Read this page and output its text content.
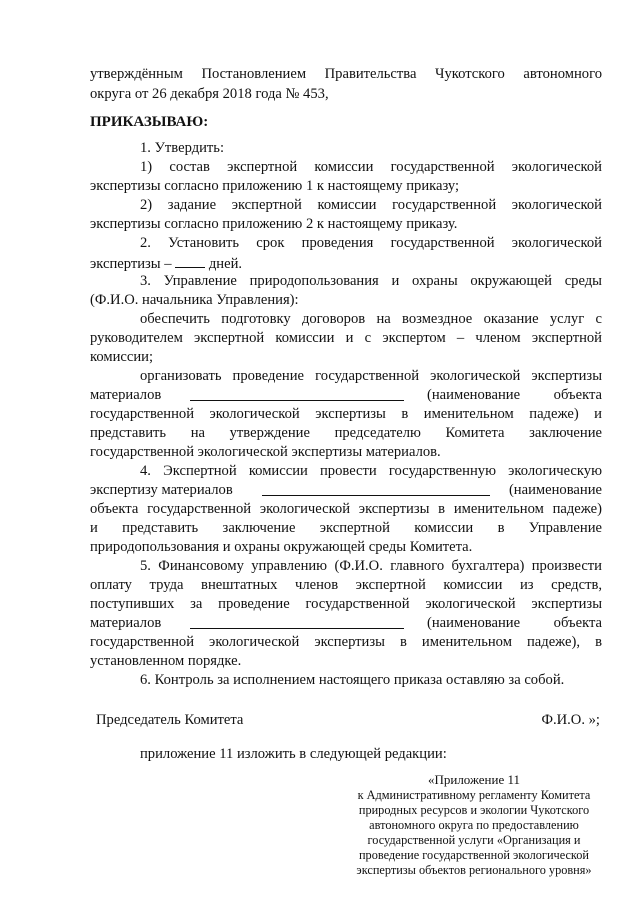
утверждённым Постановлением Правительства Чукотского автономного
округа от 26 декабря 2018 года № 453,
ПРИКАЗЫВАЮ:
1. Утвердить:
1) состав экспертной комиссии государственной экологической
экспертизы согласно приложению 1 к настоящему приказу;
2) задание экспертной комиссии государственной экологической
экспертизы согласно приложению 2 к настоящему приказу.
2. Установить срок проведения государственной экологической
экспертизы –  дней.
3. Управление природопользования и охраны окружающей среды
(Ф.И.О. начальника Управления):
обеспечить подготовку договоров на возмездное оказание услуг с
руководителем экспертной комиссии и с экспертом – членом экспертной
комиссии;
организовать проведение государственной экологической экспертизы
материалов	(наименование объекта
государственной экологической экспертизы в именительном падеже) и
представить на утверждение председателю Комитета заключение
государственной экологической экспертизы материалов.
4. Экспертной комиссии провести государственную экологическую
экспертизу материалов	(наименование
объекта государственной экологической экспертизы в именительном падеже)
и представить заключение экспертной комиссии в Управление
природопользования и охраны окружающей среды Комитета.
5. Финансовому управлению (Ф.И.О. главного бухгалтера) произвести
оплату труда внештатных членов экспертной комиссии из средств,
поступивших за проведение государственной экологической экспертизы
материалов	(наименование объекта
государственной экологической экспертизы в именительном падеже), в
установленном порядке.
6. Контроль за исполнением настоящего приказа оставляю за собой.
Председатель Комитета	Ф.И.О. »;
приложение 11 изложить в следующей редакции:
«Приложение 11
к Административному регламенту Комитета
природных ресурсов и экологии Чукотского
автономного округа по предоставлению
государственной услуги «Организация и
проведение государственной экологической
экспертизы объектов регионального уровня»
